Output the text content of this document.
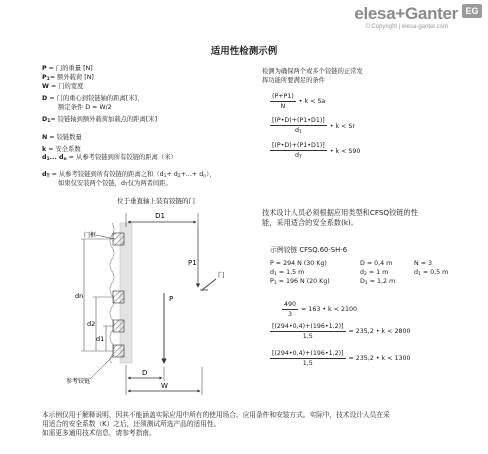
elesa+Ganter EG
© Copyright | elesa-ganter.com
适用性检测示例
P = 门的重量 [N]
$P_1=$ 额外载荷 [N]
W = 门的宽度
D = 门的重心到铰链轴的距离[米]、
额定条件 D = W/2
$D_1=$ 铰链轴到额外载荷加载点的距离[米]
N = 铰链数量
k = 安全系数
$d_1$... $d_n$ = 从参考铰链到所有铰链的距离（米）
$d_T$ = 从参考铰链到所有铰链的距离之和$(d_1+ d_2+...+ d_n)$，
如果仅安装两个铰链，$d_T$仅为两者间距。
检测为确保两个或多个铰链的正常发
挥功能所要满足的条件
$\frac{(P+P1)}{N}$ • k < Sa
$\frac{[(P•D)+(P1•D1)]}{d_1}$ • k < Sr
$\frac{[(P•D)+(P1•D1)]}{d_T}$ • k < S90
技术设计人员必须根据应用类型和CFSQ铰链的性
能，采用适合的安全系数(k)。
示例铰链 CFSQ.60-SH-6
P = 294 N (30 Kg)	D = 0,4 m	N = 3
$d_1 = 1,5$ m	$d_2 = 1$ m	$d_1 = 0,5$ m
$P_1 = 196$ N (20 Kg)	$D_1 = 1,2$ m
$\frac{490}{3} = 163$ • k < 2100
$\frac{[(294•0,4)+(196•1,2)]}{1,5} = 235,2$ • k < 2800
$\frac{[(294•0,4)+(196•1,2)]}{1,5} = 235,2$ • k < 1300
位于垂直轴上装有铰链的门
门框
D1
P1
门
P
dn
d2
d1
参考铰链
D
W
本示例仅用于解释说明，因其不能涵盖实际应用中所有的使用场合、应用条件和安装方式。实际中，技术设计人员在采
用适合的安全系数（K）之后，还须测试所选产品的适用性。
如需更多通用技术信息，请参考指南。
